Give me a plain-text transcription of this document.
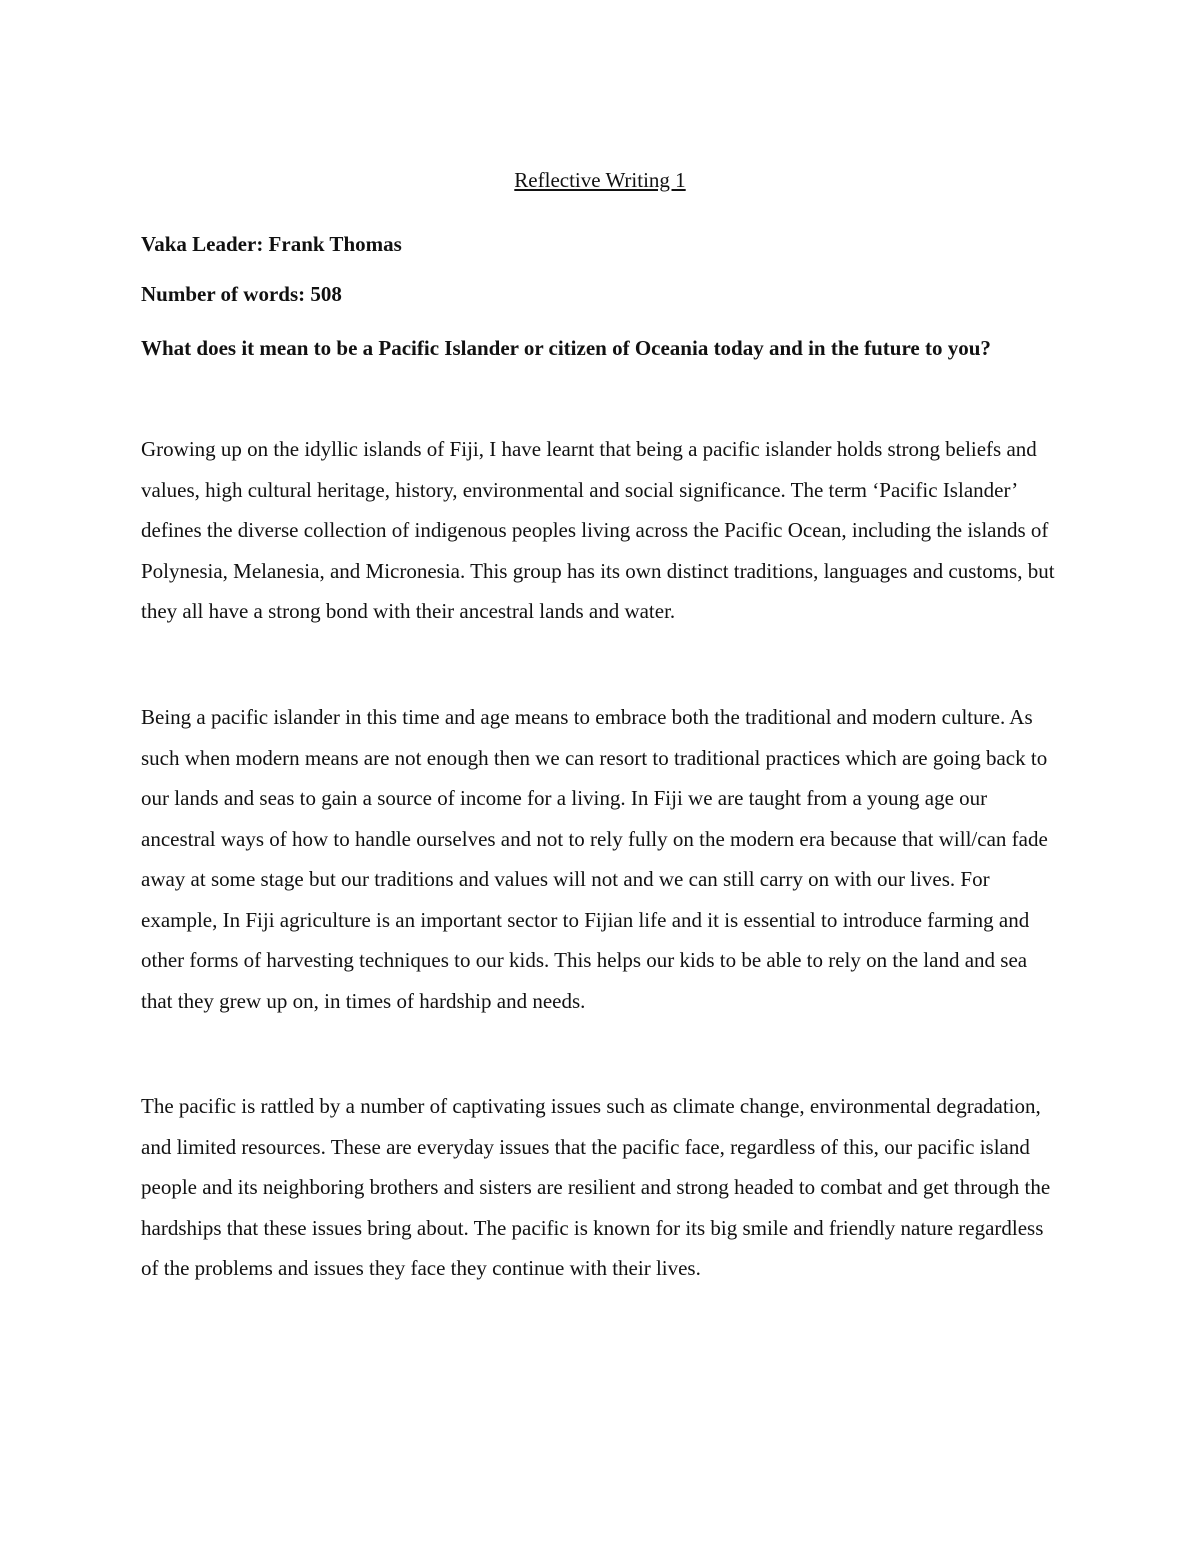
Reflective Writing 1

Vaka Leader: Frank Thomas

Number of words: 508

What does it mean to be a Pacific Islander or citizen of Oceania today and in the future to you?

Growing up on the idyllic islands of Fiji, I have learnt that being a pacific islander holds strong beliefs and values, high cultural heritage, history, environmental and social significance. The term ‘Pacific Islander’ defines the diverse collection of indigenous peoples living across the Pacific Ocean, including the islands of Polynesia, Melanesia, and Micronesia. This group has its own distinct traditions, languages and customs, but they all have a strong bond with their ancestral lands and water.

Being a pacific islander in this time and age means to embrace both the traditional and modern culture. As such when modern means are not enough then we can resort to traditional practices which are going back to our lands and seas to gain a source of income for a living. In Fiji we are taught from a young age our ancestral ways of how to handle ourselves and not to rely fully on the modern era because that will/can fade away at some stage but our traditions and values will not and we can still carry on with our lives. For example, In Fiji agriculture is an important sector to Fijian life and it is essential to introduce farming and other forms of harvesting techniques to our kids. This helps our kids to be able to rely on the land and sea that they grew up on, in times of hardship and needs.

The pacific is rattled by a number of captivating issues such as climate change, environmental degradation, and limited resources. These are everyday issues that the pacific face, regardless of this, our pacific island people and its neighboring brothers and sisters are resilient and strong headed to combat and get through the hardships that these issues bring about. The pacific is known for its big smile and friendly nature regardless of the problems and issues they face they continue with their lives.
